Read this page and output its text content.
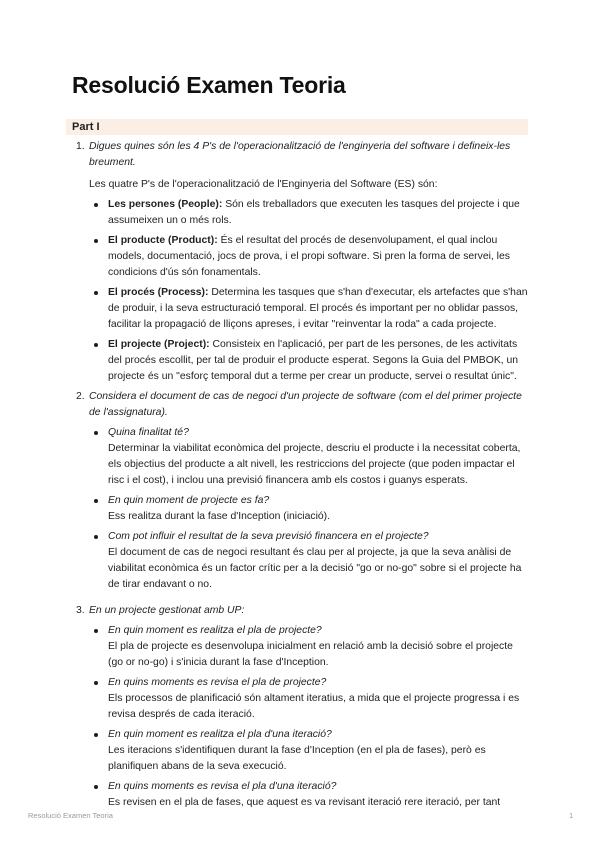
Resolució Examen Teoria
Part I
1. Digues quines són les 4 P's de l'operacionalització de l'enginyeria del software i defineix-les breument.
Les quatre P's de l'operacionalització de l'Enginyeria del Software (ES) són:
Les persones (People): Són els treballadors que executen les tasques del projecte i que assumeixen un o més rols.
El producte (Product): És el resultat del procés de desenvolupament, el qual inclou models, documentació, jocs de prova, i el propi software. Si pren la forma de servei, les condicions d'ús són fonamentals.
El procés (Process): Determina les tasques que s'han d'executar, els artefactes que s'han de produir, i la seva estructuració temporal. El procés és important per no oblidar passos, facilitar la propagació de lliçons apreses, i evitar "reinventar la roda" a cada projecte.
El projecte (Project): Consisteix en l'aplicació, per part de les persones, de les activitats del procés escollit, per tal de produir el producte esperat. Segons la Guia del PMBOK, un projecte és un "esforç temporal dut a terme per crear un producte, servei o resultat únic".
2. Considera el document de cas de negoci d'un projecte de software (com el del primer projecte de l'assignatura).
Quina finalitat té?
Determinar la viabilitat econòmica del projecte, descriu el producte i la necessitat coberta, els objectius del producte a alt nivell, les restriccions del projecte (que poden impactar el risc i el cost), i inclou una previsió financera amb els costos i guanys esperats.
En quin moment de projecte es fa?
Ess realitza durant la fase d'Inception (iniciació).
Com pot influir el resultat de la seva previsió financera en el projecte?
El document de cas de negoci resultant és clau per al projecte, ja que la seva anàlisi de viabilitat econòmica és un factor crític per a la decisió "go or no-go" sobre si el projecte ha de tirar endavant o no.
3. En un projecte gestionat amb UP:
En quin moment es realitza el pla de projecte?
El pla de projecte es desenvolupa inicialment en relació amb la decisió sobre el projecte (go or no-go) i s'inicia durant la fase d'Inception.
En quins moments es revisa el pla de projecte?
Els processos de planificació són altament iteratius, a mida que el projecte progressa i es revisa després de cada iteració.
En quin moment es realitza el pla d'una iteració?
Les iteracions s'identifiquen durant la fase d'Inception (en el pla de fases), però es planifiquen abans de la seva execució.
En quins moments es revisa el pla d'una iteració?
Es revisen en el pla de fases, que aquest es va revisant iteració rere iteració, per tant
Resolució Examen Teoria	1
